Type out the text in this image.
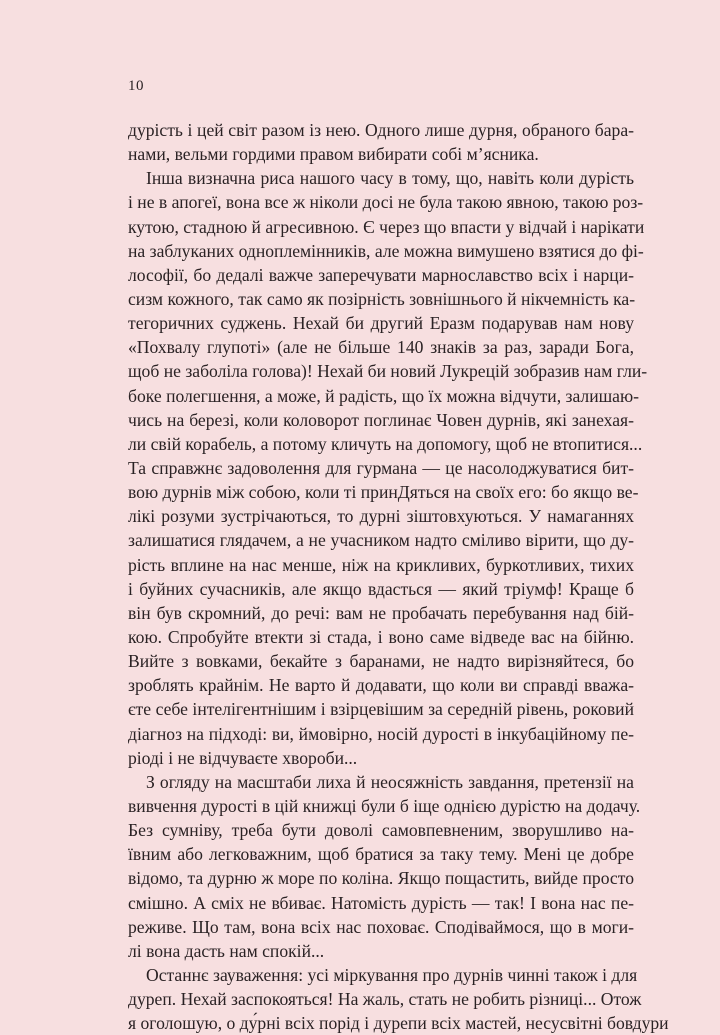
10
дурість і цей світ разом із нею. Одного лише дурня, обраного бара-
нами, вельми гордими правом вибирати собі м’ясника.
Інша визначна риса нашого часу в тому, що, навіть коли дурість
і не в апогеї, вона все ж ніколи досі не була такою явною, такою роз-
кутою, стадною й агресивною. Є через що впасти у відчай і нарікати
на заблуканих одноплемінників, але можна вимушено взятися до фі-
лософії, бо дедалі важче заперечувати марнославство всіх і нарци-
сизм кожного, так само як позірність зовнішнього й нікчемність ка-
тегоричних суджень. Нехай би другий Еразм подарував нам нову
«Похвалу глупоті» (але не більше 140 знаків за раз, заради Бога,
щоб не заболіла голова)! Нехай би новий Лукрецій зобразив нам гли-
боке полегшення, а може, й радість, що їх можна відчути, залишаю-
чись на березі, коли коловорот поглинає Човен дурнів, які занехая-
ли свій корабель, а потому кличуть на допомогу, щоб не втопитися...
Та справжнє задоволення для гурмана — це насолоджуватися бит-
вою дурнів між собою, коли ті принДяться на своїх его: бо якщо ве-
лікі розуми зустрічаються, то дурні зіштовхуються. У намаганнях
залишатися глядачем, а не учасником надто сміливо вірити, що ду-
рість вплине на нас менше, ніж на крикливих, буркотливих, тихих
і буйних сучасників, але якщо вдасться — який тріумф! Краще б
він був скромний, до речі: вам не пробачать перебування над бій-
кою. Спробуйте втекти зі стада, і воно саме відведе вас на бійню.
Вийте з вовками, бекайте з баранами, не надто вирізняйтеся, бо
зроблять крайнім. Не варто й додавати, що коли ви справді вважа-
єте себе інтелігентнішим і взірцевішим за середній рівень, роковий
діагноз на підході: ви, ймовірно, носій дурості в інкубаційному пе-
ріоді і не відчуваєте хвороби...
З огляду на масштаби лиха й неосяжність завдання, претензії на
вивчення дурості в цій книжці були б іще однією дурістю на додачу.
Без сумніву, треба бути доволі самовпевненим, зворушливо на-
ївним або легковажним, щоб братися за таку тему. Мені це добре
відомо, та дурню ж море по коліна. Якщо пощастить, вийде просто
смішно. А сміх не вбиває. Натомість дурість — так! І вона нас пе-
реживе. Що там, вона всіх нас поховає. Сподіваймося, що в моги-
лі вона дасть нам спокій...
Останнє зауваження: усі міркування про дурнів чинні також і для
дуреп. Нехай заспокояться! На жаль, стать не робить різниці... Отож
я оголошую, о ду́рні всіх порід і дурепи всіх мастей, несусвітні бовдури
